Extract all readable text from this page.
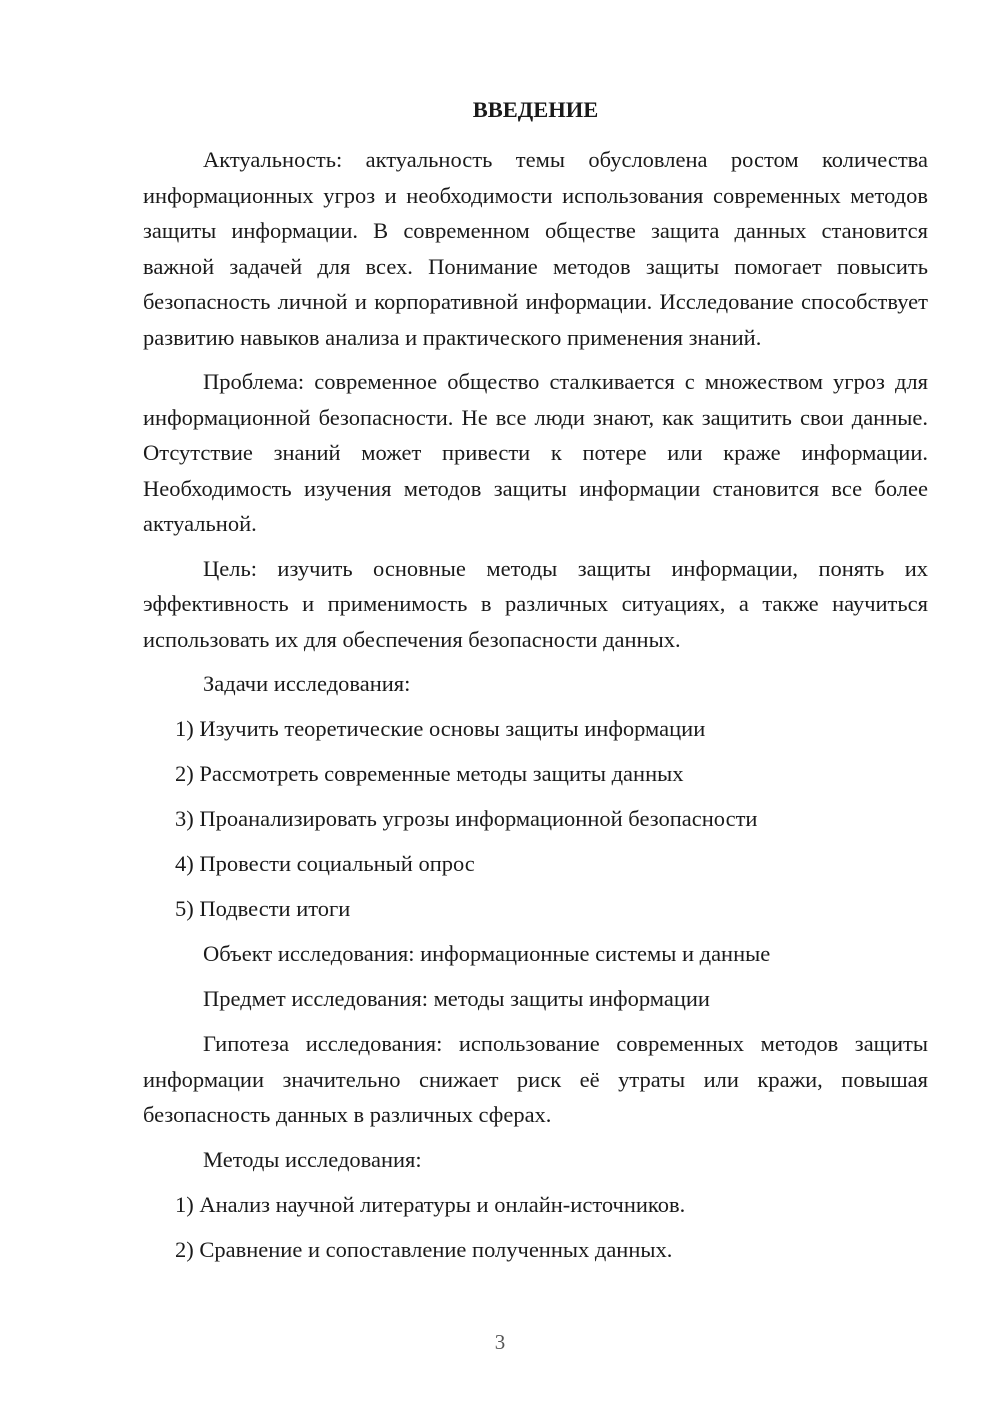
ВВЕДЕНИЕ

Актуальность: актуальность темы обусловлена ростом количества информационных угроз и необходимости использования современных методов защиты информации. В современном обществе защита данных становится важной задачей для всех. Понимание методов защиты помогает повысить безопасность личной и корпоративной информации. Исследование способствует развитию навыков анализа и практического применения знаний.

Проблема: современное общество сталкивается с множеством угроз для информационной безопасности. Не все люди знают, как защитить свои данные. Отсутствие знаний может привести к потере или краже информации. Необходимость изучения методов защиты информации становится все более актуальной.

Цель: изучить основные методы защиты информации, понять их эффективность и применимость в различных ситуациях, а также научиться использовать их для обеспечения безопасности данных.

Задачи исследования:
1) Изучить теоретические основы защиты информации
2) Рассмотреть современные методы защиты данных
3) Проанализировать угрозы информационной безопасности
4) Провести социальный опрос
5) Подвести итоги
Объект исследования: информационные системы и данные
Предмет исследования: методы защиты информации

Гипотеза исследования: использование современных методов защиты информации значительно снижает риск её утраты или кражи, повышая безопасность данных в различных сферах.

Методы исследования:
1) Анализ научной литературы и онлайн-источников.
2) Сравнение и сопоставление полученных данных.
3
